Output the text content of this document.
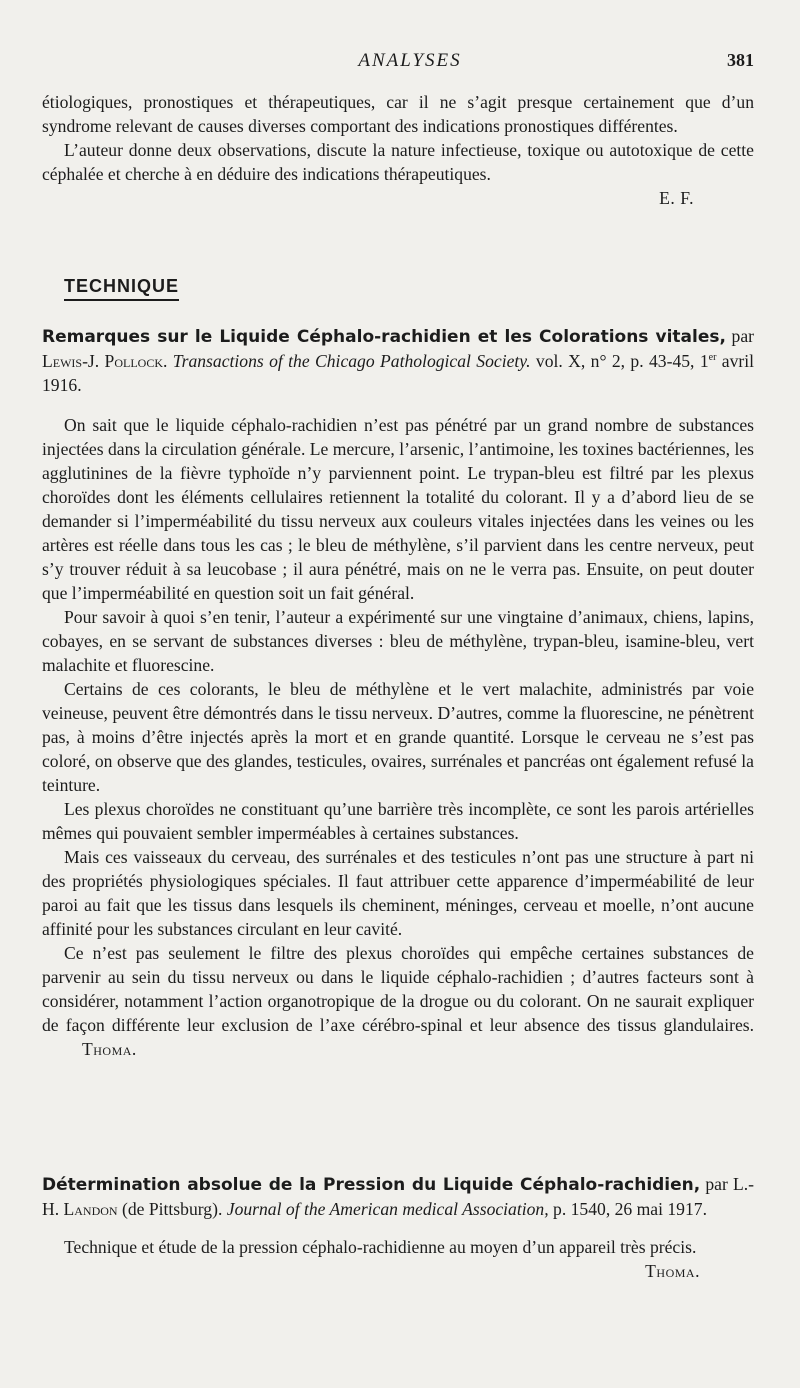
ANALYSES	381

étiologiques, pronostiques et thérapeutiques, car il ne s’agit presque certainement que d’un syndrome relevant de causes diverses comportant des indications pronostiques différentes.

L’auteur donne deux observations, discute la nature infectieuse, toxique ou autotoxique de cette céphalée et cherche à en déduire des indications thérapeutiques.

E. F.
TECHNIQUE

Remarques sur le Liquide Céphalo-rachidien et les Colorations vitales, par Lewis-J. Pollock. Transactions of the Chicago Pathological Society. vol. X, n° 2, p. 43-45, 1er avril 1916.

On sait que le liquide céphalo-rachidien n’est pas pénétré par un grand nombre de substances injectées dans la circulation générale. Le mercure, l’arsenic, l’antimoine, les toxines bactériennes, les agglutinines de la fièvre typhoïde n’y parviennent point. Le trypan-bleu est filtré par les plexus choroïdes dont les éléments cellulaires retiennent la totalité du colorant. Il y a d’abord lieu de se demander si l’imperméabilité du tissu nerveux aux couleurs vitales injectées dans les veines ou les artères est réelle dans tous les cas ; le bleu de méthylène, s’il parvient dans les centre nerveux, peut s’y trouver réduit à sa leucobase ; il aura pénétré, mais on ne le verra pas. Ensuite, on peut douter que l’imperméabilité en question soit un fait général.

Pour savoir à quoi s’en tenir, l’auteur a expérimenté sur une vingtaine d’animaux, chiens, lapins, cobayes, en se servant de substances diverses : bleu de méthylène, trypan-bleu, isamine-bleu, vert malachite et fluorescine.

Certains de ces colorants, le bleu de méthylène et le vert malachite, administrés par voie veineuse, peuvent être démontrés dans le tissu nerveux. D’autres, comme la fluorescine, ne pénètrent pas, à moins d’être injectés après la mort et en grande quantité. Lorsque le cerveau ne s’est pas coloré, on observe que des glandes, testicules, ovaires, surrénales et pancréas ont également refusé la teinture.

Les plexus choroïdes ne constituant qu’une barrière très incomplète, ce sont les parois artérielles mêmes qui pouvaient sembler imperméables à certaines substances.

Mais ces vaisseaux du cerveau, des surrénales et des testicules n’ont pas une structure à part ni des propriétés physiologiques spéciales. Il faut attribuer cette apparence d’imperméabilité de leur paroi au fait que les tissus dans lesquels ils cheminent, méninges, cerveau et moelle, n’ont aucune affinité pour les substances circulant en leur cavité.

Ce n’est pas seulement le filtre des plexus choroïdes qui empêche certaines substances de parvenir au sein du tissu nerveux ou dans le liquide céphalo-rachidien ; d’autres facteurs sont à considérer, notamment l’action organotropique de la drogue ou du colorant. On ne saurait expliquer de façon différente leur exclusion de l’axe cérébro-spinal et leur absence des tissus glandulaires. Thoma.

Détermination absolue de la Pression du Liquide Céphalo-rachidien, par L.-H. Landon (de Pittsburg). Journal of the American medical Association, p. 1540, 26 mai 1917.

Technique et étude de la pression céphalo-rachidienne au moyen d’un appareil très précis.
Thoma.
